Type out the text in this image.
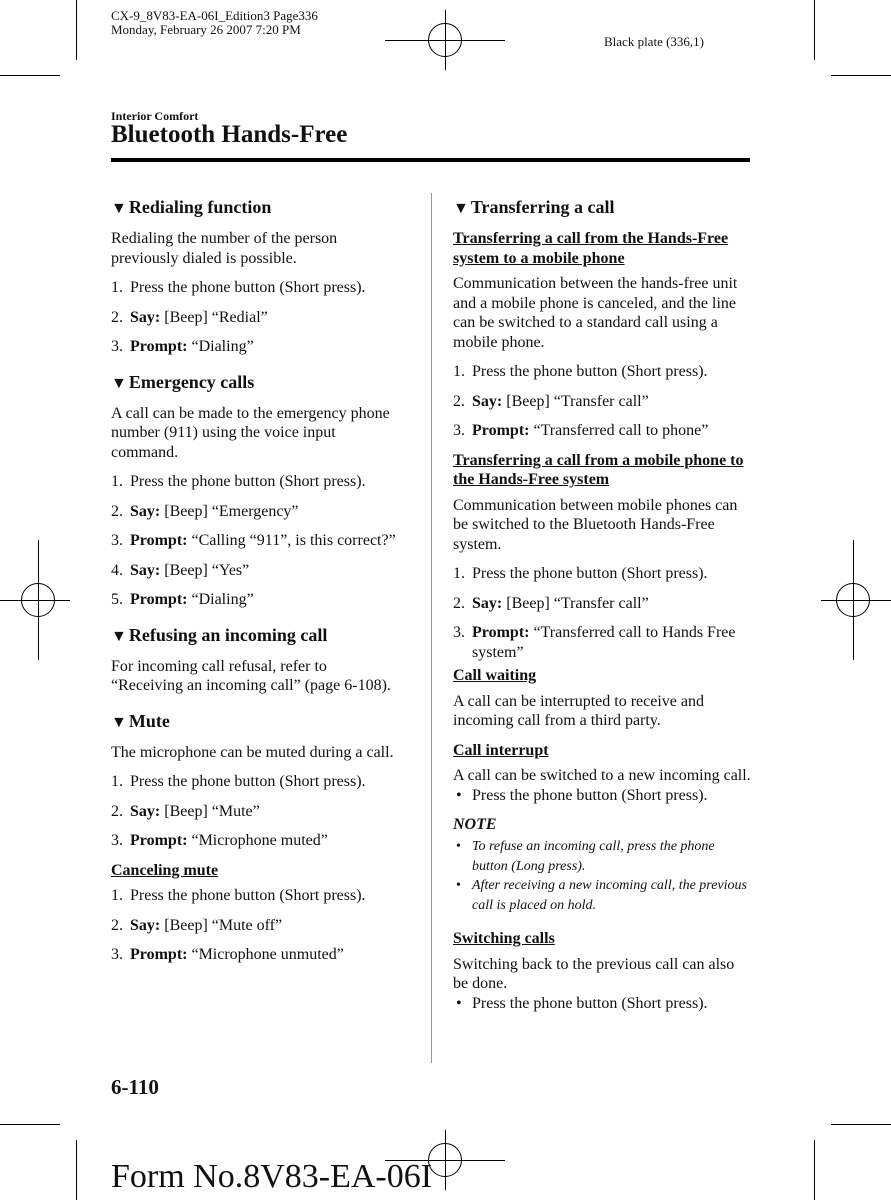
CX-9_8V83-EA-06I_Edition3 Page336
Monday, February 26 2007 7:20 PM
Black plate (336,1)
Interior Comfort
Bluetooth Hands-Free
▼ Redialing function
Redialing the number of the person previously dialed is possible.
1. Press the phone button (Short press).
2. Say: [Beep] “Redial”
3. Prompt: “Dialing”
▼ Emergency calls
A call can be made to the emergency phone number (911) using the voice input command.
1. Press the phone button (Short press).
2. Say: [Beep] “Emergency”
3. Prompt: “Calling “911”, is this correct?”
4. Say: [Beep] “Yes”
5. Prompt: “Dialing”
▼ Refusing an incoming call
For incoming call refusal, refer to “Receiving an incoming call” (page 6-108).
▼ Mute
The microphone can be muted during a call.
1. Press the phone button (Short press).
2. Say: [Beep] “Mute”
3. Prompt: “Microphone muted”
Canceling mute
1. Press the phone button (Short press).
2. Say: [Beep] “Mute off”
3. Prompt: “Microphone unmuted”
▼ Transferring a call
Transferring a call from the Hands-Free system to a mobile phone
Communication between the hands-free unit and a mobile phone is canceled, and the line can be switched to a standard call using a mobile phone.
1. Press the phone button (Short press).
2. Say: [Beep] “Transfer call”
3. Prompt: “Transferred call to phone”
Transferring a call from a mobile phone to the Hands-Free system
Communication between mobile phones can be switched to the Bluetooth Hands-Free system.
1. Press the phone button (Short press).
2. Say: [Beep] “Transfer call”
3. Prompt: “Transferred call to Hands Free system”
Call waiting
A call can be interrupted to receive and incoming call from a third party.
Call interrupt
A call can be switched to a new incoming call.
• Press the phone button (Short press).
NOTE
• To refuse an incoming call, press the phone button (Long press).
• After receiving a new incoming call, the previous call is placed on hold.
Switching calls
Switching back to the previous call can also be done.
• Press the phone button (Short press).
6-110
Form No.8V83-EA-06I
